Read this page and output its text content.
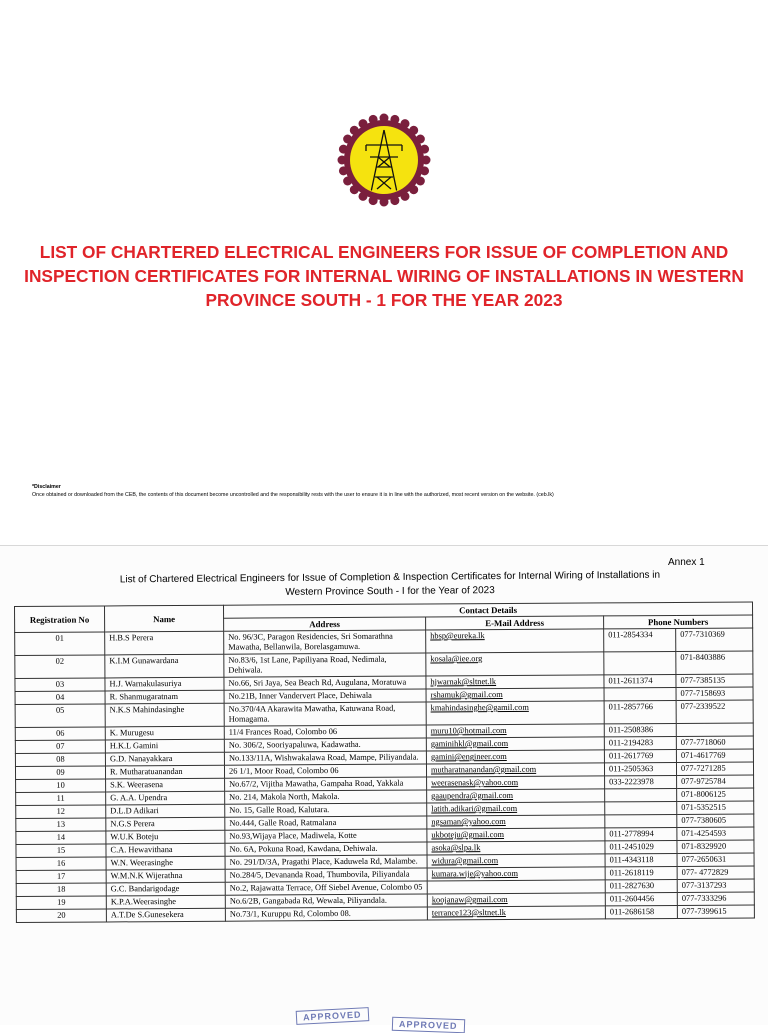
LIST OF CHARTERED ELECTRICAL ENGINEERS FOR ISSUE OF COMPLETION AND INSPECTION CERTIFICATES FOR INTERNAL WIRING OF INSTALLATIONS IN WESTERN PROVINCE SOUTH - 1 FOR THE YEAR 2023
*Disclaimer
Once obtained or downloaded from the CEB, the contents of this document become uncontrolled and the responsibility rests with the user to ensure it is in line with the authorized, most recent version on the website. (ceb.lk)
Annex 1

List of Chartered Electrical Engineers for Issue of Completion & Inspection Certificates for Internal Wiring of Installations in
Western Province South - I for the Year of 2023

Registration No	Name	Contact Details			
		Address	E-Mail Address	Phone Numbers	
01	H.B.S Perera	No. 96/3C, Paragon Residencies, Sri Somarathna Mawatha, Bellanwila, Borelasgamuwa.	hbsp@eureka.lk	011-2854334	077-7310369
02	K.I.M Gunawardana	No.83/6, 1st Lane, Papiliyana Road, Nedimala, Dehiwala.	kosala@iee.org		071-8403886
03	H.J. Warnakulasuriya	No.66, Sri Jaya, Sea Beach Rd, Augulana, Moratuwa	hjwarnak@sltnet.lk	011-2611374	077-7385135
04	R. Shanmugaratnam	No.21B, Inner Vandervert Place, Dehiwala	rshamuk@gmail.com		077-7158693
05	N.K.S Mahindasinghe	No.370/4A Akarawita Mawatha, Katuwana Road, Homagama.	kmahindasinghe@gamil.com	011-2857766	077-2339522
06	K. Murugesu	11/4 Frances Road, Colombo 06	muru10@hotmail.com	011-2508386	
07	H.K.L Gamini	No. 306/2, Sooriyapaluwa, Kadawatha.	gaminihkl@gmail.com	011-2194283	077-7718060
08	G.D. Nanayakkara	No.133/11A, Wishwakalawa Road, Mampe, Piliyandala.	gamini@engineer.com	011-2617769	071-4617769
09	R. Mutharatuanandan	26 1/1, Moor Road, Colombo 06	mutharatnanandan@gmail.com	011-2505363	077-7271285
10	S.K. Weerasena	No.67/2, Vijitha Mawatha, Gampaha Road, Yakkala	weerasenask@yahoo.com	033-2223978	077-9725784
11	G. A.A. Upendra	No. 214, Makola North, Makola.	gaaupendra@gmail.com		071-8006125
12	D.L.D Adikari	No. 15, Galle Road, Kalutara.	latith.adikari@gmail.com		071-5352515
13	N.G.S Perera	No.444, Galle Road, Ratmalana	ngsaman@yahoo.com		077-7380605
14	W.U.K Boteju	No.93,Wijaya Place, Madiwela, Kotte	ukboteju@gmail.com	011-2778994	071-4254593
15	C.A. Hewavithana	No. 6A, Pokuna Road, Kawdana, Dehiwala.	asoka@slpa.lk	011-2451029	071-8329920
16	W.N. Weerasinghe	No. 291/D/3A, Pragathi Place, Kaduwela Rd, Malambe.	widura@gmail.com	011-4343118	077-2650631
17	W.M.N.K Wijerathna	No.284/5, Devananda Road, Thumbovila, Piliyandala	kumara.wije@yahoo.com	011-2618119	077- 4772829
18	G.C. Bandarigodage	No.2, Rajawatta Terrace, Off Siebel Avenue, Colombo 05		011-2827630	077-3137293
19	K.P.A.Weerasinghe	No.6/2B, Gangabada Rd, Wewala, Piliyandala.	koojanaw@gmail.com	011-2604456	077-7333296
20	A.T.De S.Gunesekera	No.73/1, Kuruppu Rd, Colombo 08.	terrance123@sltnet.lk	011-2686158	077-7399615
APPROVED
APPROVED
